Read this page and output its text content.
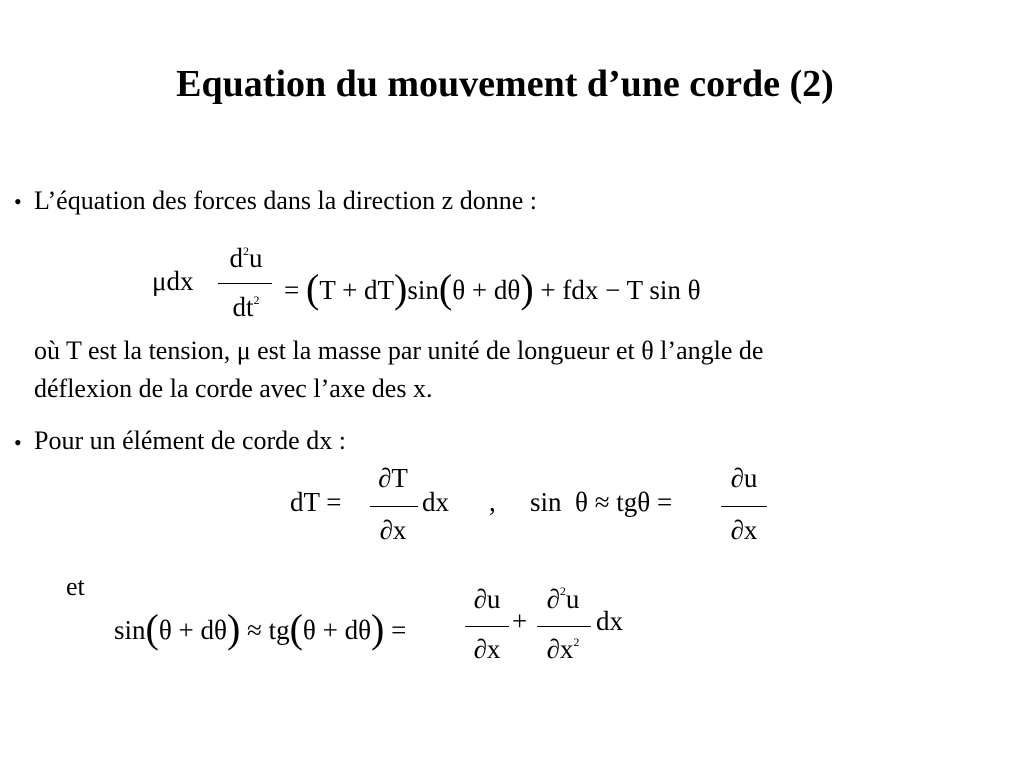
Equation du mouvement d’une corde (2)
• L’équation des forces dans la direction z donne :
μdx
$d^2u$
$dt^2 = (T + dT)\sin(\theta + d\theta)$ + fdx − T sin θ
où T est la tension, μ est la masse par unité de longueur et θ l’angle de
déflexion de la corde avec l’axe des x.
• Pour un élément de corde dx :
dT =
∂T
∂x
dx , sin  θ ≈ tgθ =
∂u
∂x
et
sin(θ + dθ) ≈ tg(θ + dθ) =
∂u
∂x
+
∂$^2$u
$\partial x^2$
dx
